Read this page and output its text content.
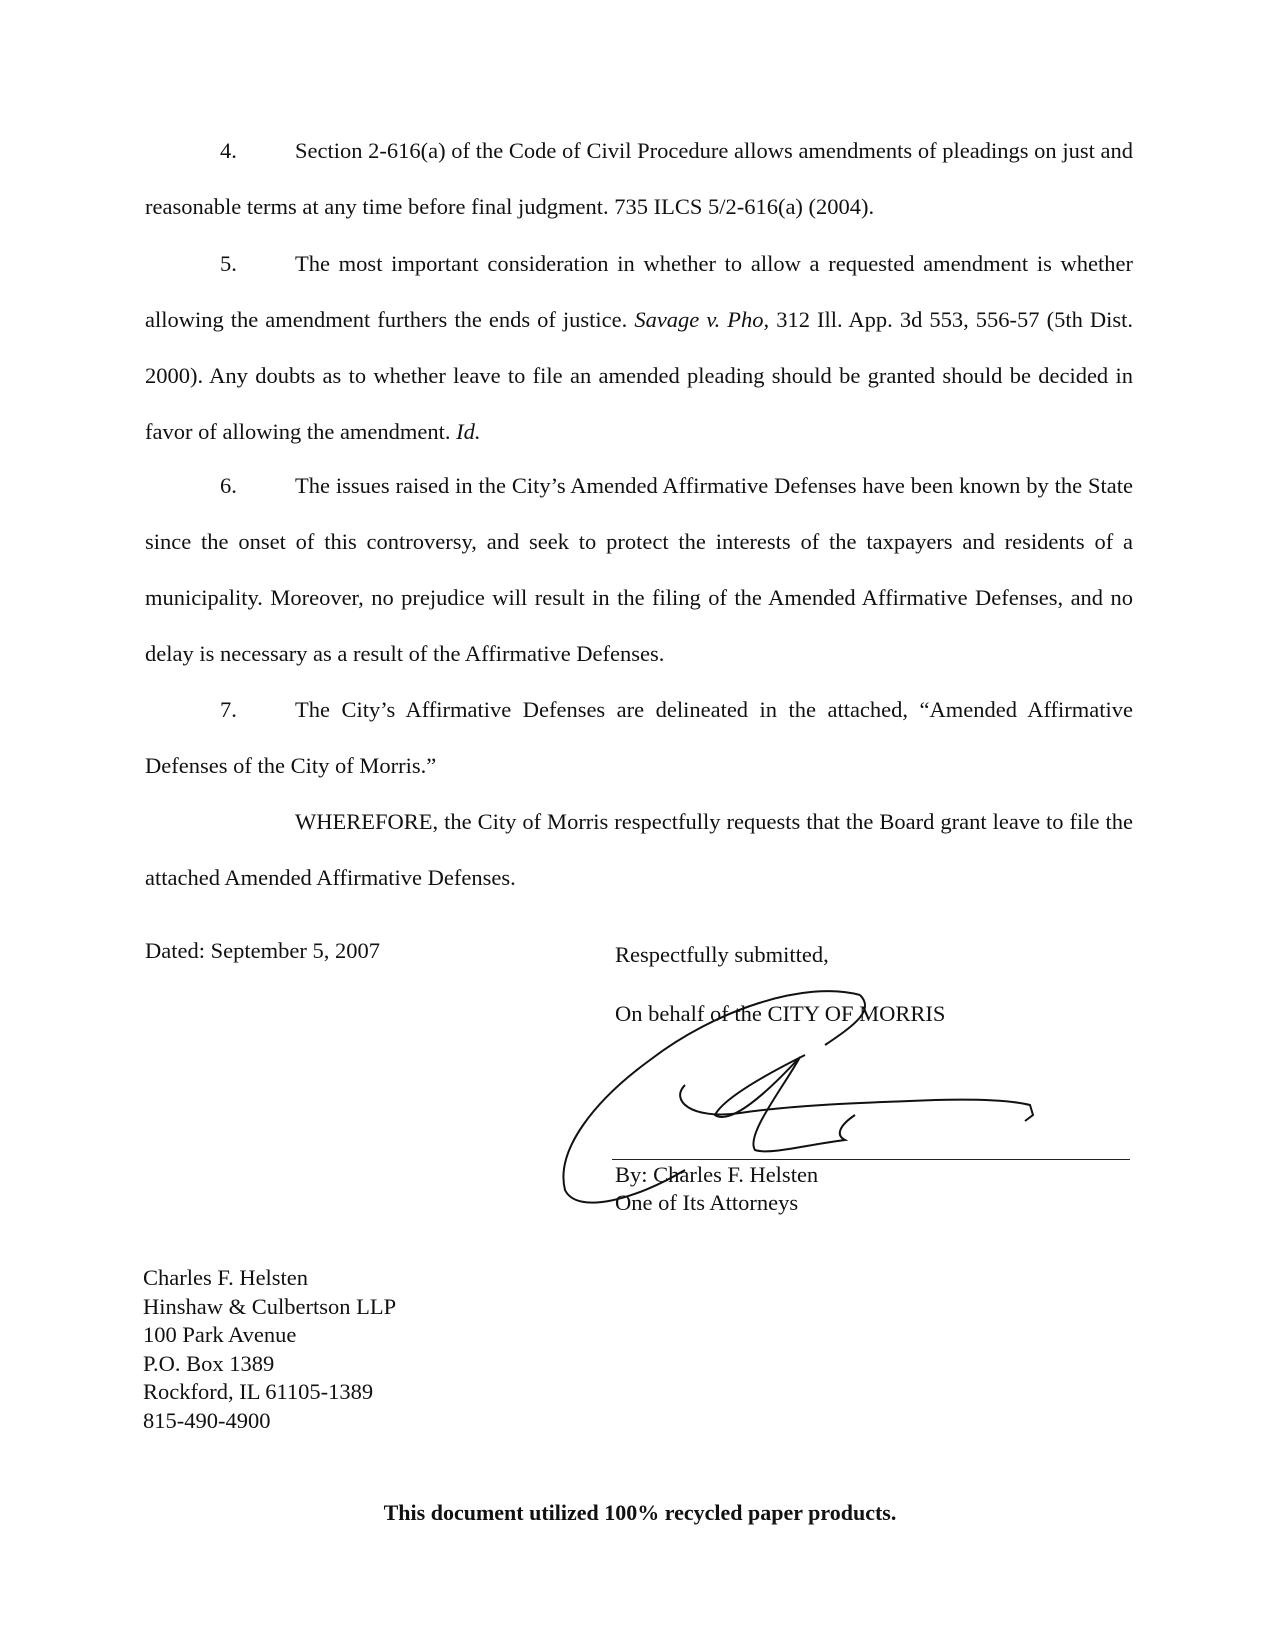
4.	Section 2-616(a) of the Code of Civil Procedure allows amendments of pleadings on just and reasonable terms at any time before final judgment. 735 ILCS 5/2-616(a) (2004).

5.	The most important consideration in whether to allow a requested amendment is whether allowing the amendment furthers the ends of justice. Savage v. Pho, 312 Ill. App. 3d 553, 556-57 (5th Dist. 2000). Any doubts as to whether leave to file an amended pleading should be granted should be decided in favor of allowing the amendment. Id.

6.	The issues raised in the City’s Amended Affirmative Defenses have been known by the State since the onset of this controversy, and seek to protect the interests of the taxpayers and residents of a municipality. Moreover, no prejudice will result in the filing of the Amended Affirmative Defenses, and no delay is necessary as a result of the Affirmative Defenses.

7.	The City’s Affirmative Defenses are delineated in the attached, “Amended Affirmative Defenses of the City of Morris.”

WHEREFORE, the City of Morris respectfully requests that the Board grant leave to file the attached Amended Affirmative Defenses.

Dated: September 5, 2007	Respectfully submitted,
On behalf of the CITY OF MORRIS
By: Charles F. Helsten
One of Its Attorneys
Charles F. Helsten
Hinshaw & Culbertson LLP
100 Park Avenue
P.O. Box 1389
Rockford, IL 61105-1389
815-490-4900
This document utilized 100% recycled paper products.
